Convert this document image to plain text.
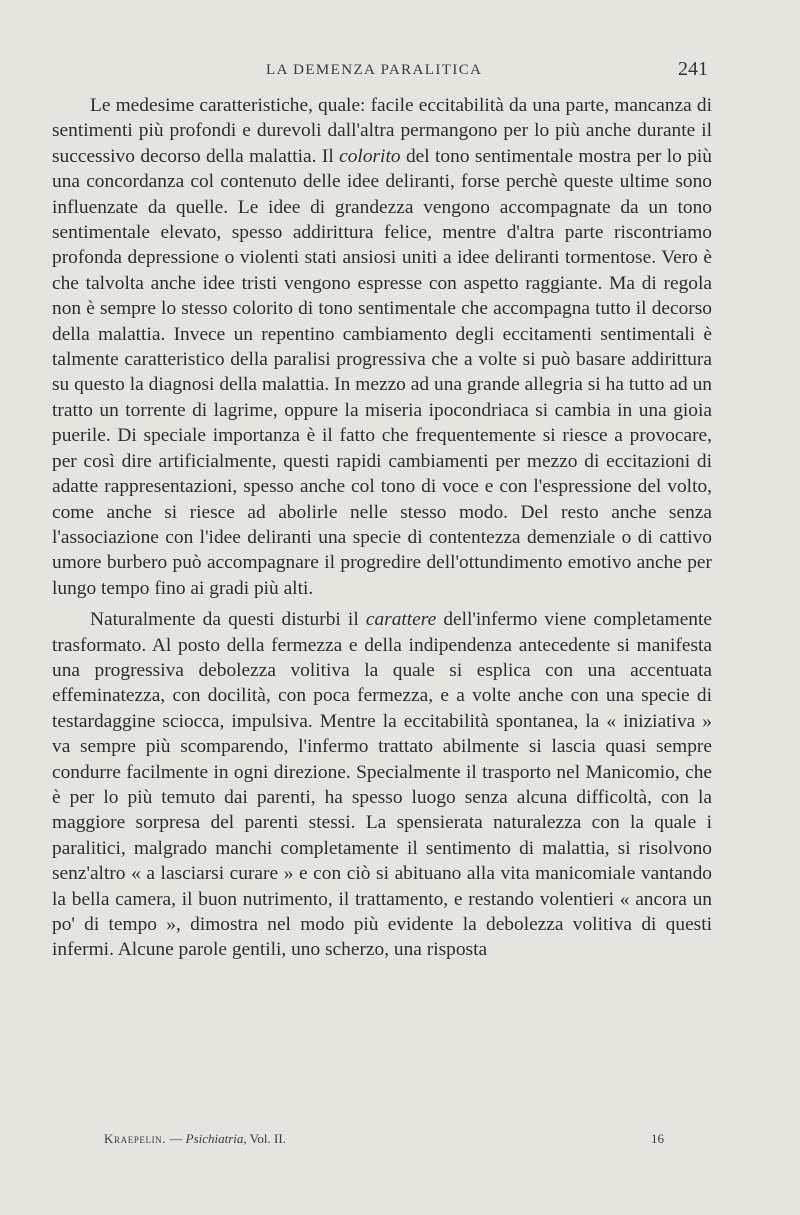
LA DEMENZA PARALITICA	241

Le medesime caratteristiche, quale: facile eccitabilità da una parte, mancanza di sentimenti più profondi e durevoli dall'altra permangono per lo più anche durante il successivo decorso della malattia. Il colorito del tono sentimentale mostra per lo più una concordanza col contenuto delle idee deliranti, forse perchè queste ultime sono influenzate da quelle. Le idee di grandezza vengono accompagnate da un tono sentimentale elevato, spesso addirittura felice, mentre d'altra parte riscontriamo profonda depressione o violenti stati ansiosi uniti a idee deliranti tormentose. Vero è che talvolta anche idee tristi vengono espresse con aspetto raggiante. Ma di regola non è sempre lo stesso colorito di tono sentimentale che accompagna tutto il decorso della malattia. Invece un repentino cambiamento degli eccitamenti sentimentali è talmente caratteristico della paralisi progressiva che a volte si può basare addirittura su questo la diagnosi della malattia. In mezzo ad una grande allegria si ha tutto ad un tratto un torrente di lagrime, oppure la miseria ipocondriaca si cambia in una gioia puerile. Di speciale importanza è il fatto che frequentemente si riesce a provocare, per così dire artificialmente, questi rapidi cambiamenti per mezzo di eccitazioni di adatte rappresentazioni, spesso anche col tono di voce e con l'espressione del volto, come anche si riesce ad abolirle nelle stesso modo. Del resto anche senza l'associazione con l'idee deliranti una specie di contentezza demenziale o di cattivo umore burbero può accompagnare il progredire dell'ottundimento emotivo anche per lungo tempo fino ai gradi più alti.

Naturalmente da questi disturbi il carattere dell'infermo viene completamente trasformato. Al posto della fermezza e della indipendenza antecedente si manifesta una progressiva debolezza volitiva la quale si esplica con una accentuata effeminatezza, con docilità, con poca fermezza, e a volte anche con una specie di testardaggine sciocca, impulsiva. Mentre la eccitabilità spontanea, la « iniziativa » va sempre più scomparendo, l'infermo trattato abilmente si lascia quasi sempre condurre facilmente in ogni direzione. Specialmente il trasporto nel Manicomio, che è per lo più temuto dai parenti, ha spesso luogo senza alcuna difficoltà, con la maggiore sorpresa del parenti stessi. La spensierata naturalezza con la quale i paralitici, malgrado manchi completamente il sentimento di malattia, si risolvono senz'altro « a lasciarsi curare » e con ciò si abituano alla vita manicomiale vantando la bella camera, il buon nutrimento, il trattamento, e restando volentieri « ancora un po' di tempo », dimostra nel modo più evidente la debolezza volitiva di questi infermi. Alcune parole gentili, uno scherzo, una risposta

Kraepelin. — Psichiatria, Vol. II.	16
